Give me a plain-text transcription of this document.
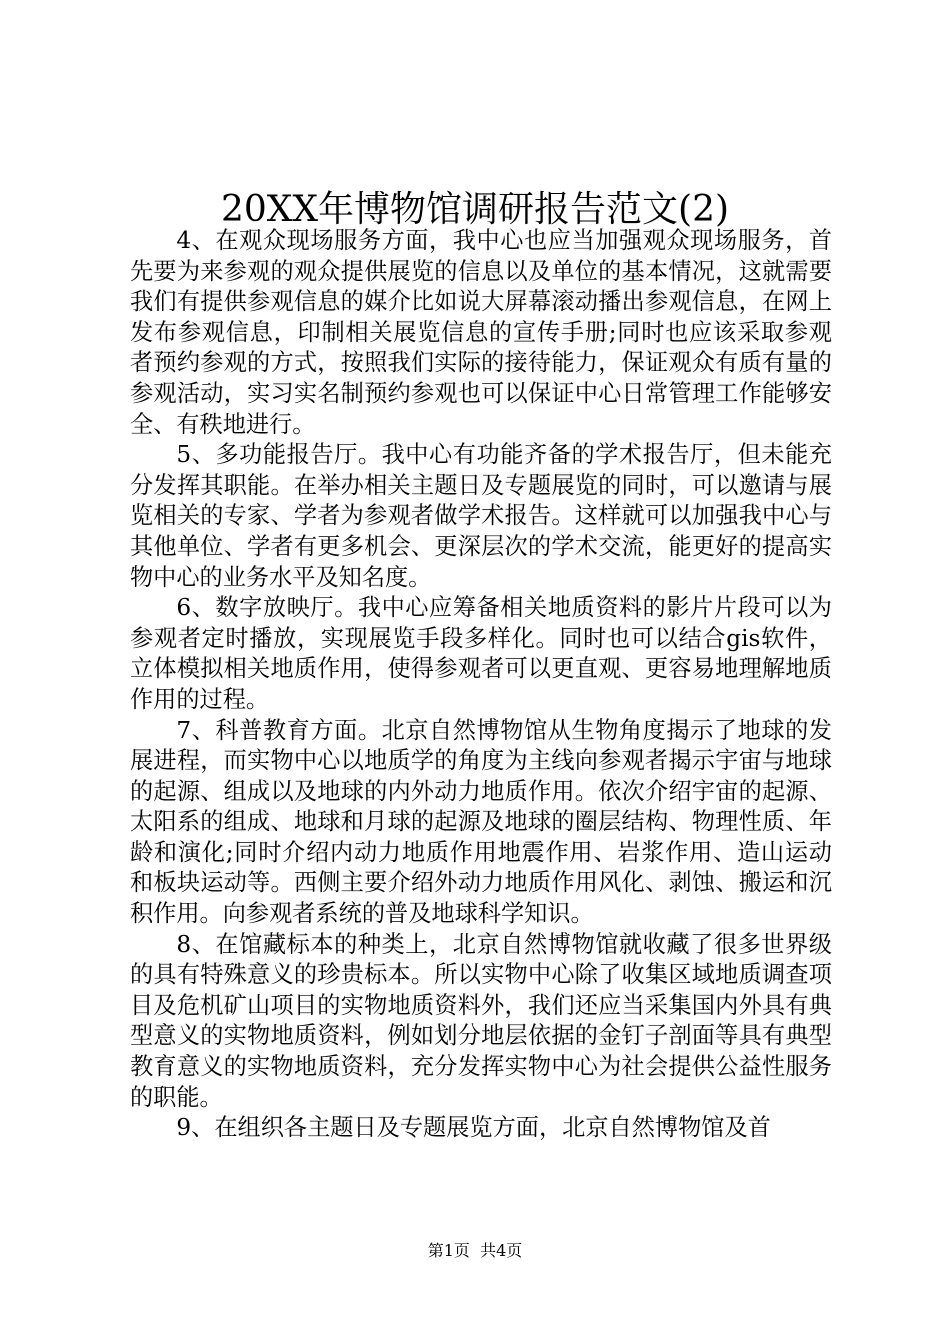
20XX年博物馆调研报告范文(2)

4、在观众现场服务方面，我中心也应当加强观众现场服务，首先要为来参观的观众提供展览的信息以及单位的基本情况，这就需要我们有提供参观信息的媒介比如说大屏幕滚动播出参观信息，在网上发布参观信息，印制相关展览信息的宣传手册;同时也应该采取参观者预约参观的方式，按照我们实际的接待能力，保证观众有质有量的参观活动，实习实名制预约参观也可以保证中心日常管理工作能够安全、有秩地进行。

5、多功能报告厅。我中心有功能齐备的学术报告厅，但未能充分发挥其职能。在举办相关主题日及专题展览的同时，可以邀请与展览相关的专家、学者为参观者做学术报告。这样就可以加强我中心与其他单位、学者有更多机会、更深层次的学术交流，能更好的提高实物中心的业务水平及知名度。

6、数字放映厅。我中心应筹备相关地质资料的影片片段可以为参观者定时播放，实现展览手段多样化。同时也可以结合gis软件，立体模拟相关地质作用，使得参观者可以更直观、更容易地理解地质作用的过程。

7、科普教育方面。北京自然博物馆从生物角度揭示了地球的发展进程，而实物中心以地质学的角度为主线向参观者揭示宇宙与地球的起源、组成以及地球的内外动力地质作用。依次介绍宇宙的起源、太阳系的组成、地球和月球的起源及地球的圈层结构、物理性质、年龄和演化;同时介绍内动力地质作用地震作用、岩浆作用、造山运动和板块运动等。西侧主要介绍外动力地质作用风化、剥蚀、搬运和沉积作用。向参观者系统的普及地球科学知识。

8、在馆藏标本的种类上，北京自然博物馆就收藏了很多世界级的具有特殊意义的珍贵标本。所以实物中心除了收集区域地质调查项目及危机矿山项目的实物地质资料外，我们还应当采集国内外具有典型意义的实物地质资料，例如划分地层依据的金钉子剖面等具有典型教育意义的实物地质资料，充分发挥实物中心为社会提供公益性服务的职能。

9、在组织各主题日及专题展览方面，北京自然博物馆及首

第1页 共4页
